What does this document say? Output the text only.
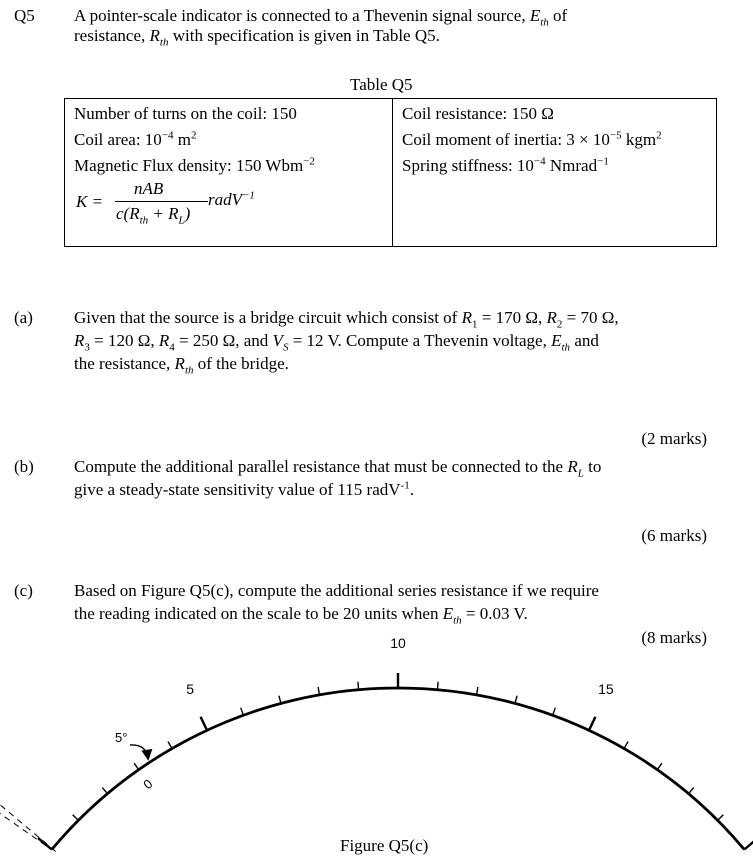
Q5 A pointer-scale indicator is connected to a Thevenin signal source, $E_{th}$ of
resistance, $R_{th}$ with specification is given in Table Q5.
Table Q5
Number of turns on the coil: 150
Coil area: $10^{-4}$ $m^2$
Magnetic Flux density: 150 Wbm$^{-2}$
K =
nAB
$c(R_{th} + R_L)$
radV$^{-1}$

Coil resistance: 150 Ω
Coil moment of inertia: $3 \times 10^{-5}$ kgm$^2$
Spring stiffness: $10^{-4}$ Nmrad$^{-1}$
(a) Given that the source is a bridge circuit which consist of $R_1 = 170$ Ω, $R_2 = 70$ Ω,
$R_3 = 120$ Ω, $R_4 = 250$ Ω, and $V_S = 12$ V. Compute a Thevenin voltage, $E_{th}$ and
the resistance, $R_{th}$ of the bridge.
(2 marks)
(b) Compute the additional parallel resistance that must be connected to the $R_L$ to
give a steady-state sensitivity value of 115 radV$^{-1}$.
(6 marks)
(c) Based on Figure Q5(c), compute the additional series resistance if we require
the reading indicated on the scale to be 20 units when $E_{th} = 0.03$ V.
(8 marks)
5
10
15
0
5°
Figure Q5(c)
